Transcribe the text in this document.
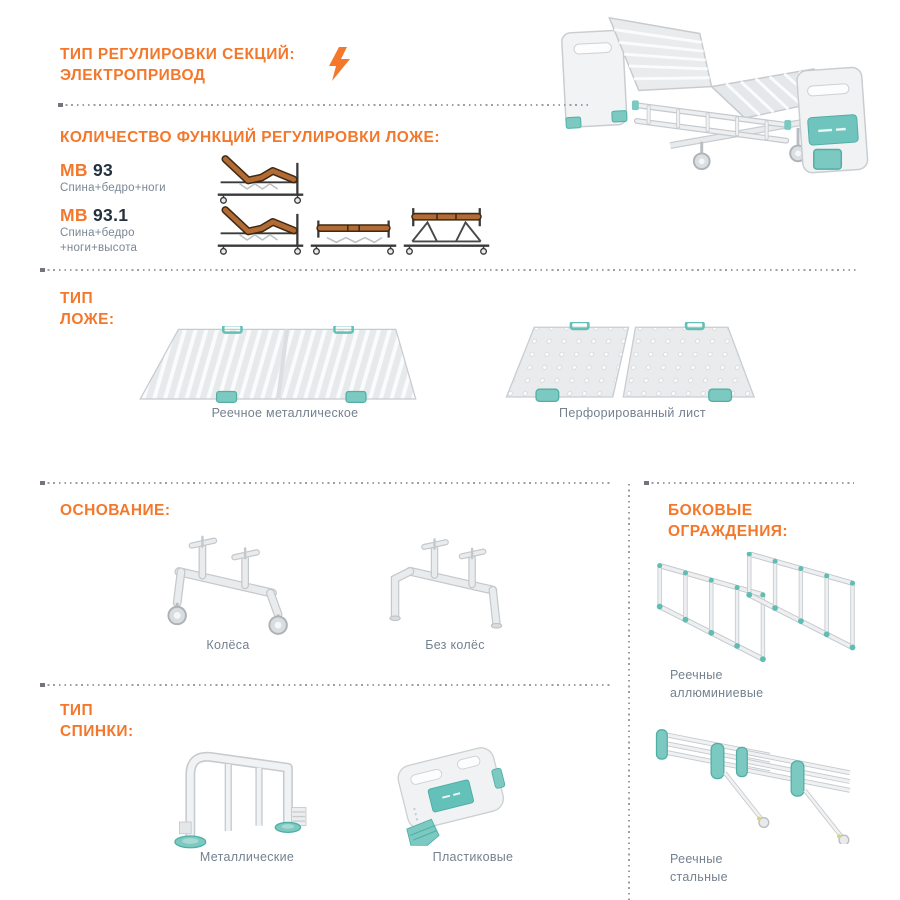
ТИП РЕГУЛИРОВКИ СЕКЦИЙ:
ЭЛЕКТРОПРИВОД
КОЛИЧЕСТВО ФУНКЦИЙ РЕГУЛИРОВКИ ЛОЖЕ:
МВ 93
Спина+бедро+ноги
МВ 93.1
Спина+бедро
+ноги+высота
ТИП
ЛОЖЕ:
Реечное металлическое	Перфорированный лист
ОСНОВАНИЕ:
Колёса	Без колёс
ТИП
СПИНКИ:
Металлические	Пластиковые
БОКОВЫЕ
ОГРАЖДЕНИЯ:
Реечные
аллюминиевые
Реечные
стальные
